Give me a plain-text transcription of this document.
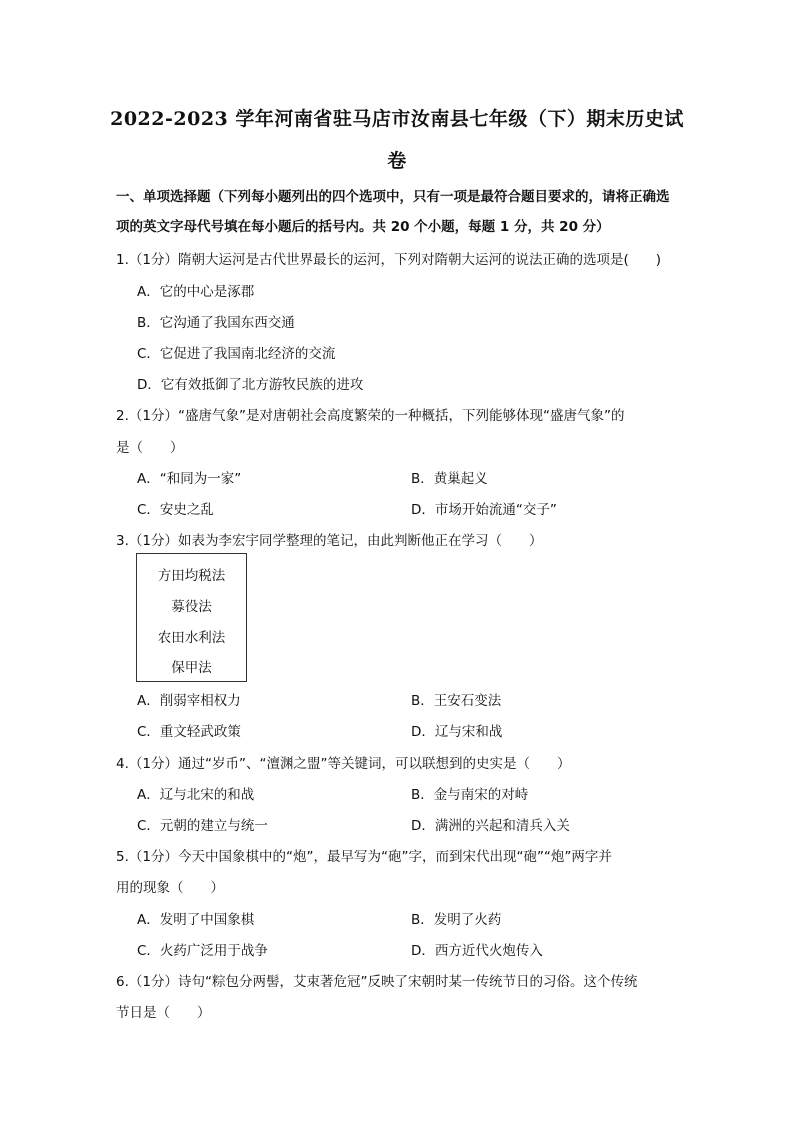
2022-2023 学年河南省驻马店市汝南县七年级（下）期末历史试
卷
一、单项选择题（下列每小题列出的四个选项中，只有一项是最符合题目要求的，请将正确选项的英文字母代号填在每小题后的括号内。共 20 个小题，每题 1 分，共 20 分）
1.（1分）隋朝大运河是古代世界最长的运河，下列对隋朝大运河的说法正确的选项是(　　)
A．它的中心是涿郡
B．它沟通了我国东西交通
C．它促进了我国南北经济的交流
D．它有效抵御了北方游牧民族的进攻
2.（1分）“盛唐气象”是对唐朝社会高度繁荣的一种概括，下列能够体现“盛唐气象”的
是（　　）
A．“和同为一家”	B．黄巢起义
C．安史之乱	D．市场开始流通“交子”
3.（1分）如表为李宏宇同学整理的笔记，由此判断他正在学习（　　）
方田均税法
募役法
农田水利法
保甲法
A．削弱宰相权力	B．王安石变法
C．重文轻武政策	D．辽与宋和战
4.（1分）通过“岁币”、“澶渊之盟”等关键词，可以联想到的史实是（　　）
A．辽与北宋的和战	B．金与南宋的对峙
C．元朝的建立与统一	D．满洲的兴起和清兵入关
5.（1分）今天中国象棋中的“炮”，最早写为“砲”字，而到宋代出现“砲”“炮”两字并
用的现象（　　）
A．发明了中国象棋	B．发明了火药
C．火药广泛用于战争	D．西方近代火炮传入
6.（1分）诗句“粽包分两髻，艾束著危冠”反映了宋朝时某一传统节日的习俗。这个传统
节日是（　　）
